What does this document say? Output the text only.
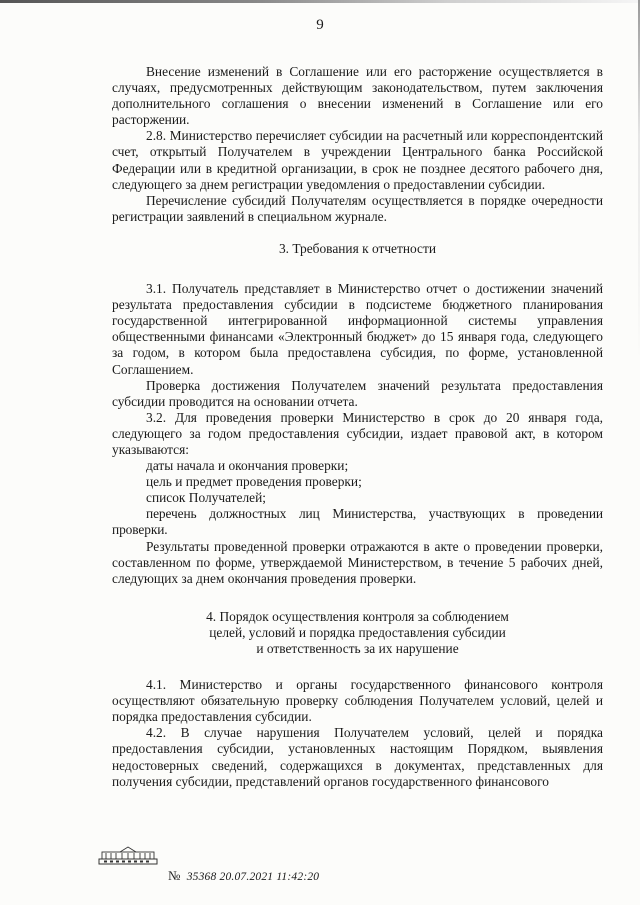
9

Внесение изменений в Соглашение или его расторжение осуществляется в случаях, предусмотренных действующим законодательством, путем заключения дополнительного соглашения о внесении изменений в Соглашение или его расторжении.

2.8. Министерство перечисляет субсидии на расчетный или корреспондентский счет, открытый Получателем в учреждении Центрального банка Российской Федерации или в кредитной организации, в срок не позднее десятого рабочего дня, следующего за днем регистрации уведомления о предоставлении субсидии.

Перечисление субсидий Получателям осуществляется в порядке очередности регистрации заявлений в специальном журнале.

3. Требования к отчетности

3.1. Получатель представляет в Министерство отчет о достижении значений результата предоставления субсидии в подсистеме бюджетного планирования государственной интегрированной информационной системы управления общественными финансами «Электронный бюджет» до 15 января года, следующего за годом, в котором была предоставлена субсидия, по форме, установленной Соглашением.

Проверка достижения Получателем значений результата предоставления субсидии проводится на основании отчета.

3.2. Для проведения проверки Министерство в срок до 20 января года, следующего за годом предоставления субсидии, издает правовой акт, в котором указываются:

даты начала и окончания проверки;

цель и предмет проведения проверки;

список Получателей;

перечень должностных лиц Министерства, участвующих в проведении проверки.

Результаты проведенной проверки отражаются в акте о проведении проверки, составленном по форме, утверждаемой Министерством, в течение 5 рабочих дней, следующих за днем окончания проведения проверки.

4. Порядок осуществления контроля за соблюдением

целей, условий и порядка предоставления субсидии

и ответственность за их нарушение

4.1. Министерство и органы государственного финансового контроля осуществляют обязательную проверку соблюдения Получателем условий, целей и порядка предоставления субсидии.

4.2. В случае нарушения Получателем условий, целей и порядка предоставления субсидии, установленных настоящим Порядком, выявления недостоверных сведений, содержащихся в документах, представленных для получения субсидии, представлений органов государственного финансового

№ 35368 20.07.2021 11:42:20
